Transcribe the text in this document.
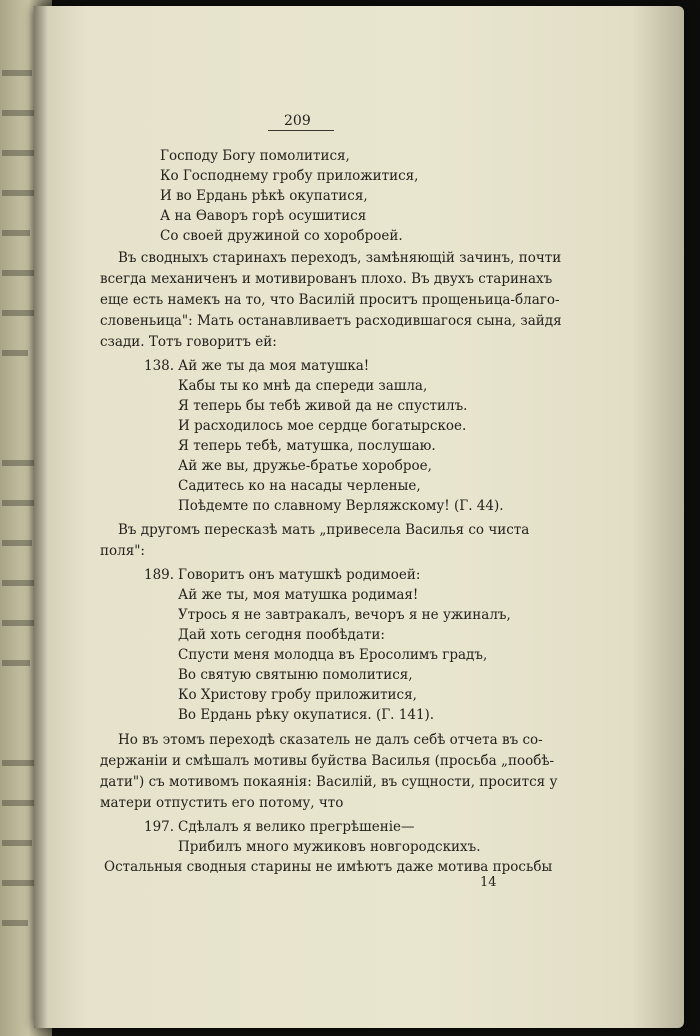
209
Господу Богу помолитися,
Ко Господнему гробу приложитися,
И во Ердань рѣкѣ окупатися,
А на Ѳаворъ горѣ осушитися
Со своей дружиной со хороброей.
Въ сводныхъ старинахъ переходъ, замѣняющій зачинъ, почти
всегда механиченъ и мотивированъ плохо. Въ двухъ старинахъ
еще есть намекъ на то, что Василій проситъ прощеньица-благо-
словеньица": Мать останавливаетъ расходившагося сына, зайдя
сзади. Тотъ говоритъ ей:
138. Ай же ты да моя матушка!
Кабы ты ко мнѣ да спереди зашла,
Я теперь бы тебѣ живой да не спустилъ.
И расходилось мое сердце богатырское.
Я теперь тебѣ, матушка, послушаю.
Ай же вы, дружье-братье хороброе,
Садитесь ко на насады черленые,
Поѣдемте по славному Верляжскому! (Г. 44).
Въ другомъ пересказѣ мать „привесела Василья со чиста
поля":
189. Говоритъ онъ матушкѣ родимоей:
Ай же ты, моя матушка родимая!
Утрось я не завтракалъ, вечоръ я не ужиналъ,
Дай хоть сегодня пообѣдати:
Спусти меня молодца въ Еросолимъ градъ,
Во святую святыню помолитися,
Ко Христову гробу приложитися,
Во Ердань рѣку окупатися. (Г. 141).
Но въ этомъ переходѣ сказатель не далъ себѣ отчета въ со-
держаніи и смѣшалъ мотивы буйства Василья (просьба „пообѣ-
дати") съ мотивомъ покаянія: Василій, въ сущности, просится у
матери отпустить его потому, что
197. Сдѣлалъ я велико прегрѣшеніе—
Прибилъ много мужиковъ новгородскихъ.
Остальныя сводныя старины не имѣютъ даже мотива просьбы
14
